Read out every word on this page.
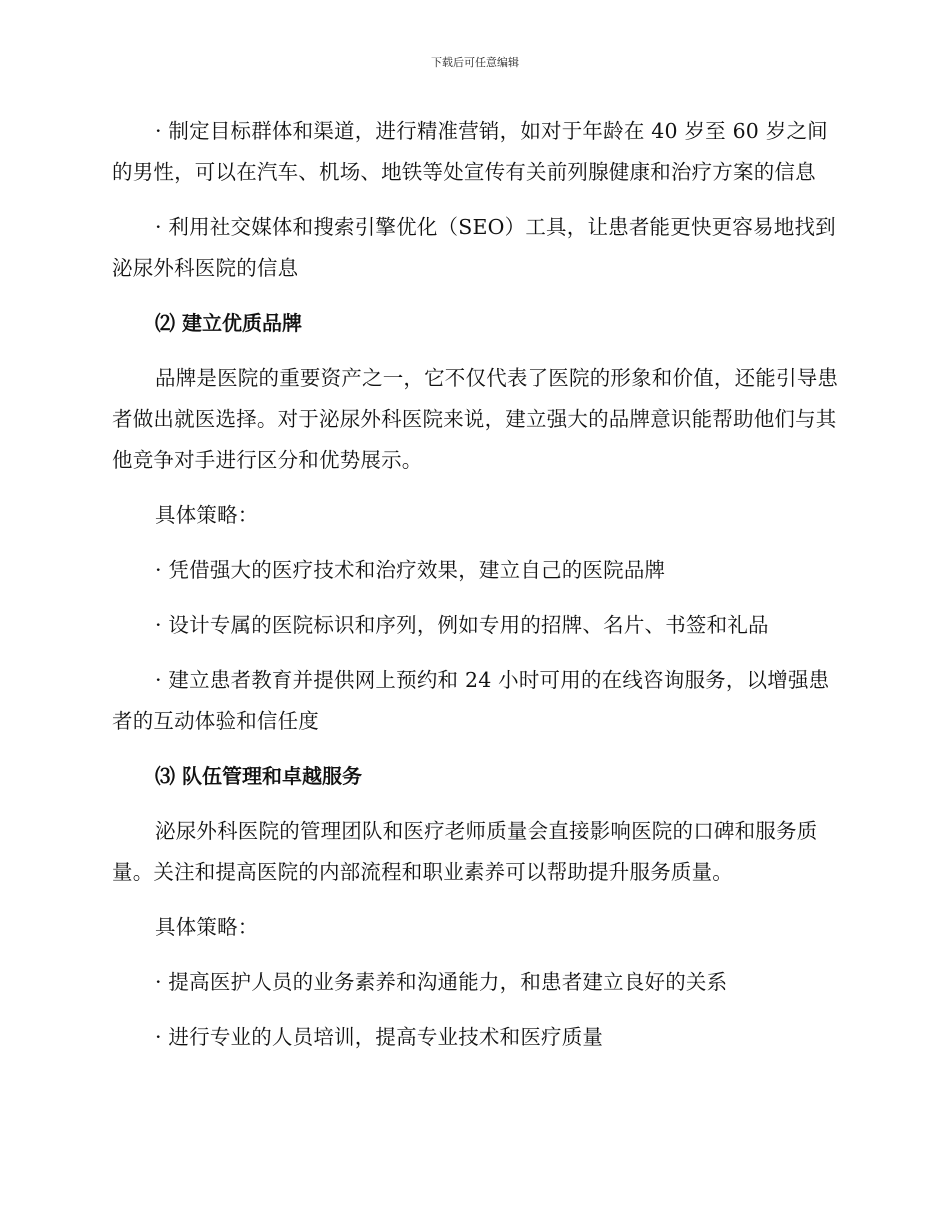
下载后可任意编辑

· 制定目标群体和渠道，进行精准营销，如对于年龄在 40 岁至 60 岁之间的男性，可以在汽车、机场、地铁等处宣传有关前列腺健康和治疗方案的信息

· 利用社交媒体和搜索引擎优化（SEO）工具，让患者能更快更容易地找到泌尿外科医院的信息

⑵ 建立优质品牌

品牌是医院的重要资产之一，它不仅代表了医院的形象和价值，还能引导患者做出就医选择。对于泌尿外科医院来说，建立强大的品牌意识能帮助他们与其他竞争对手进行区分和优势展示。

具体策略：

· 凭借强大的医疗技术和治疗效果，建立自己的医院品牌

· 设计专属的医院标识和序列，例如专用的招牌、名片、书签和礼品

· 建立患者教育并提供网上预约和 24 小时可用的在线咨询服务，以增强患者的互动体验和信任度

⑶ 队伍管理和卓越服务

泌尿外科医院的管理团队和医疗老师质量会直接影响医院的口碑和服务质量。关注和提高医院的内部流程和职业素养可以帮助提升服务质量。

具体策略：

· 提高医护人员的业务素养和沟通能力，和患者建立良好的关系

· 进行专业的人员培训，提高专业技术和医疗质量
